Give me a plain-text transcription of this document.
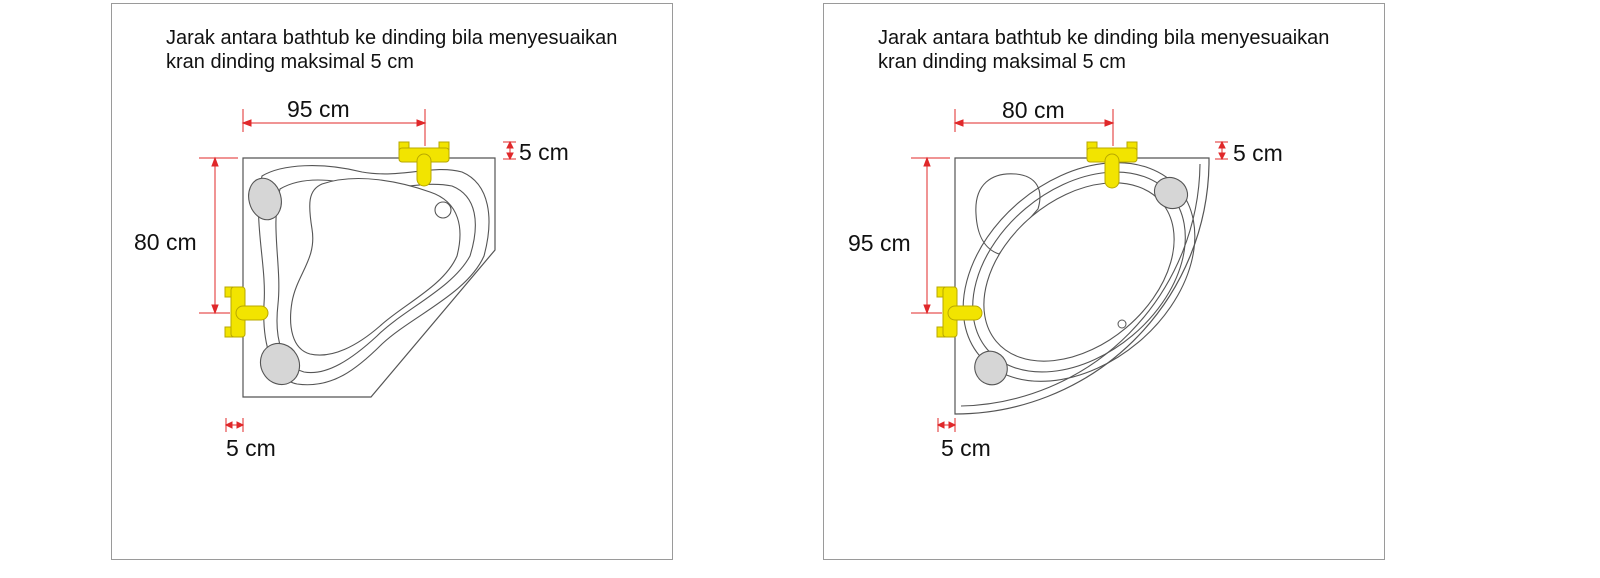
Jarak antara bathtub ke dinding bila menyesuaikan
kran dinding maksimal 5 cm
95 cm
5 cm
80 cm
5 cm
Jarak antara bathtub ke dinding bila menyesuaikan
kran dinding maksimal 5 cm
80 cm
5 cm
95 cm
5 cm
